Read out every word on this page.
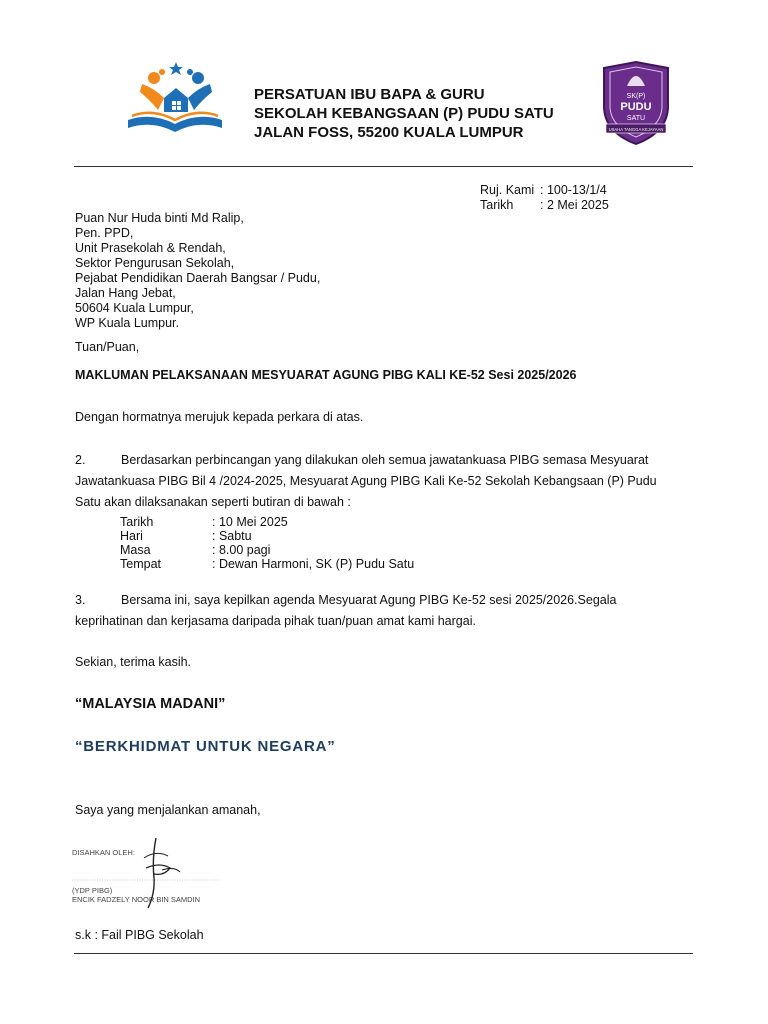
PERSATUAN IBU BAPA & GURU
SEKOLAH KEBANGSAAN (P) PUDU SATU
JALAN FOSS, 55200 KUALA LUMPUR
SK(P)
PUDU
SATU
USAHA TANGGA KEJAYAAN
Ruj. Kami : 100-13/1/4
Tarikh : 2 Mei 2025
Puan Nur Huda binti Md Ralip,
Pen. PPD,
Unit Prasekolah & Rendah,
Sektor Pengurusan Sekolah,
Pejabat Pendidikan Daerah Bangsar / Pudu,
Jalan Hang Jebat,
50604 Kuala Lumpur,
WP Kuala Lumpur.
Tuan/Puan,
MAKLUMAN PELAKSANAAN MESYUARAT AGUNG PIBG KALI KE-52 Sesi 2025/2026
Dengan hormatnya merujuk kepada perkara di atas.
2.	Berdasarkan perbincangan yang dilakukan oleh semua jawatankuasa PIBG semasa Mesyuarat
Jawatankuasa PIBG Bil 4 /2024-2025, Mesyuarat Agung PIBG Kali Ke-52 Sekolah Kebangsaan (P) Pudu
Satu akan dilaksanakan seperti butiran di bawah :
Tarikh	: 10 Mei 2025
Hari	: Sabtu
Masa	: 8.00 pagi
Tempat	: Dewan Harmoni, SK (P) Pudu Satu
3.	Bersama ini, saya kepilkan agenda Mesyuarat Agung PIBG Ke-52 sesi 2025/2026.Segala
keprihatinan dan kerjasama daripada pihak tuan/puan amat kami hargai.
Sekian, terima kasih.
“MALAYSIA MADANI”
“BERKHIDMAT UNTUK NEGARA”
Saya yang menjalankan amanah,
DISAHKAN OLEH:
(YDP PIBG)
ENCIK FADZELY NOOR BIN SAMDIN
s.k : Fail PIBG Sekolah
